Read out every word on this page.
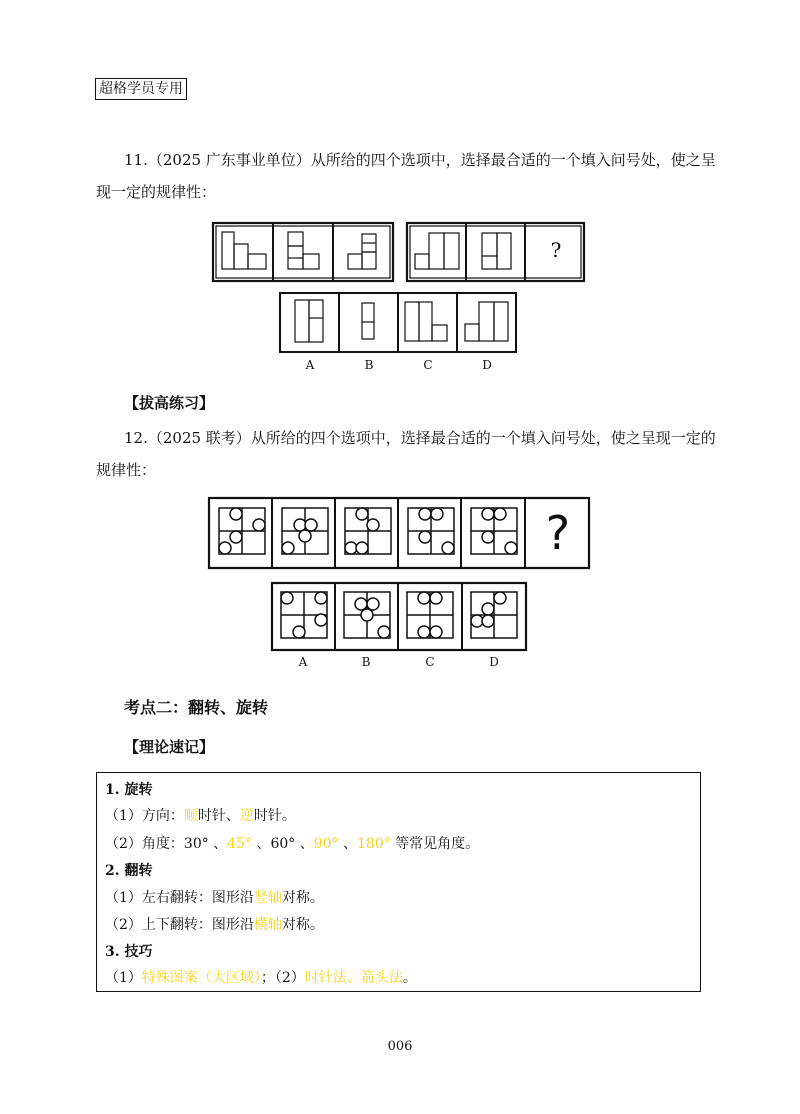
超格学员专用
11.（2025 广东事业单位）从所给的四个选项中，选择最合适的一个填入问号处，使之呈
现一定的规律性：
?
A	B	C	D
【拔高练习】
12.（2025 联考）从所给的四个选项中，选择最合适的一个填入问号处，使之呈现一定的
规律性：
?
A	B	C	D
考点二：翻转、旋转
【理论速记】
1. 旋转
（1）方向：顺时针、逆时针。
（2）角度：30° 、45° 、60° 、90° 、180° 等常见角度。
2. 翻转
（1）左右翻转：图形沿竖轴对称。
（2）上下翻转：图形沿横轴对称。
3. 技巧
（1）特殊图案（大区域）；（2）时针法、箭头法。
006
